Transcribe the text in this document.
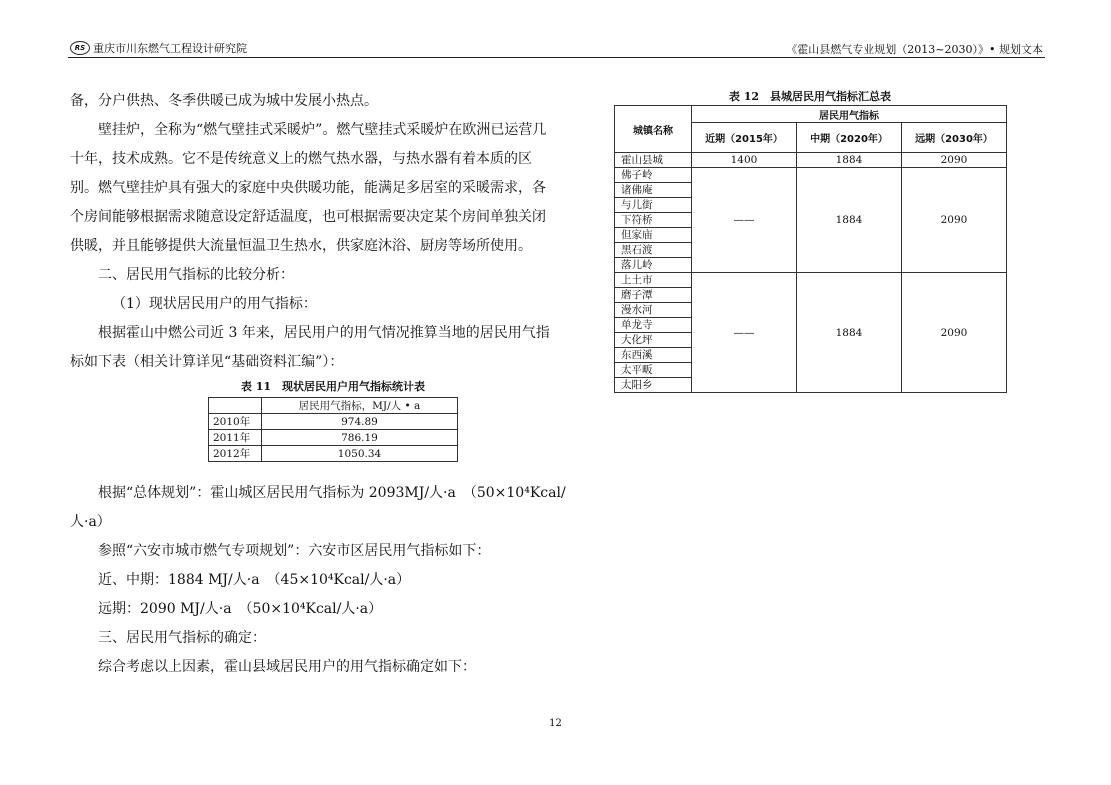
RS 重庆市川东燃气工程设计研究院	《霍山县燃气专业规划（2013~2030）》• 规划文本

备，分户供热、冬季供暖已成为城中发展小热点。

壁挂炉，全称为“燃气壁挂式采暖炉”。燃气壁挂式采暖炉在欧洲已运营几十年，技术成熟。它不是传统意义上的燃气热水器，与热水器有着本质的区别。燃气壁挂炉具有强大的家庭中央供暖功能，能满足多居室的采暖需求，各个房间能够根据需求随意设定舒适温度，也可根据需要决定某个房间单独关闭供暖，并且能够提供大流量恒温卫生热水，供家庭沐浴、厨房等场所使用。

二、居民用气指标的比较分析：

（1）现状居民用户的用气指标：

根据霍山中燃公司近 3 年来，居民用户的用气情况推算当地的居民用气指标如下表（相关计算详见“基础资料汇编”）：

表 11　现状居民用户用气指标统计表
	居民用气指标，MJ/人 • a
2010年	974.89
2011年	786.19
2012年	1050.34

根据“总体规划”：霍山城区居民用气指标为 2093MJ/人·a　（50×10⁴Kcal/人·a）

参照“六安市城市燃气专项规划”：六安市区居民用气指标如下：

近、中期：1884 MJ/人·a　（45×10⁴Kcal/人·a）

远期：2090 MJ/人·a　（50×10⁴Kcal/人·a）

三、居民用气指标的确定：

综合考虑以上因素，霍山县域居民用户的用气指标确定如下：

表 12　县城居民用气指标汇总表
城镇名称	居民用气指标		
	近期（2015年）	中期（2020年）	远期（2030年）
霍山县城	1400	1884	2090
佛子岭	——	1884	2090
诸佛庵			
与儿街			
下符桥			
但家庙			
黑石渡			
落儿岭			
上土市	——	1884	2090
磨子潭			
漫水河			
单龙寺			
大化坪			
东西溪			
太平畈			
太阳乡			
12
